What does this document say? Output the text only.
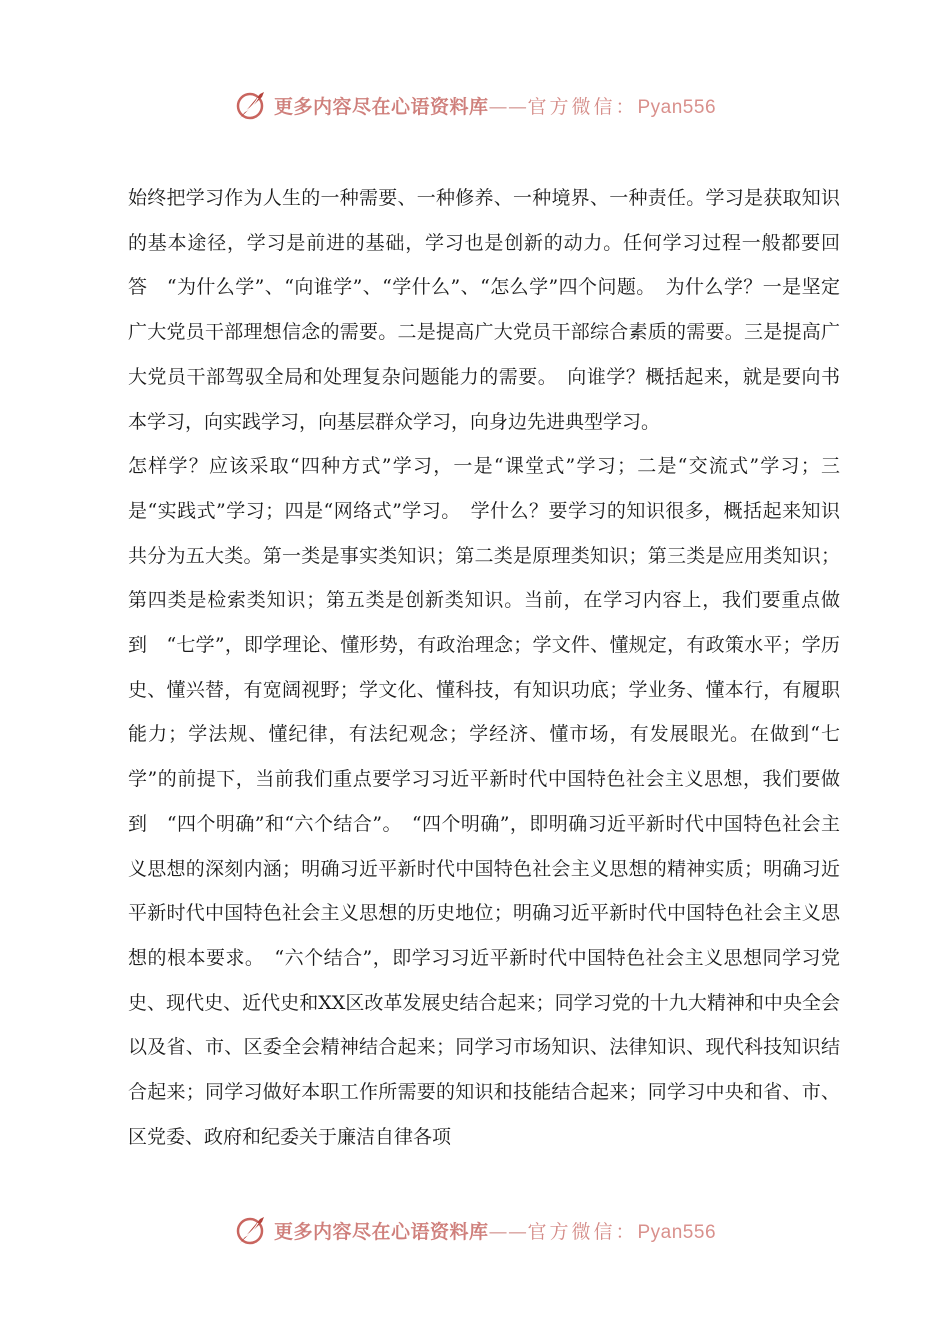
更多内容尽在心语资料库——官方微信：Pyan556

始终把学习作为人生的一种需要、一种修养、一种境界、一种责任。学习是获取知识的基本途径，学习是前进的基础，学习也是创新的动力。任何学习过程一般都要回答　“为什么学”、“向谁学”、“学什么”、“怎么学”四个问题。　为什么学？一是坚定广大党员干部理想信念的需要。二是提高广大党员干部综合素质的需要。三是提高广大党员干部驾驭全局和处理复杂问题能力的需要。　向谁学？概括起来，就是要向书本学习，向实践学习，向基层群众学习，向身边先进典型学习。

怎样学？应该采取“四种方式”学习，一是“课堂式”学习；二是“交流式”学习；三是“实践式”学习；四是“网络式”学习。　学什么？要学习的知识很多，概括起来知识共分为五大类。第一类是事实类知识；第二类是原理类知识；第三类是应用类知识；第四类是检索类知识；第五类是创新类知识。当前，在学习内容上，我们要重点做到　“七学”，即学理论、懂形势，有政治理念；学文件、懂规定，有政策水平；学历史、懂兴替，有宽阔视野；学文化、懂科技，有知识功底；学业务、懂本行，有履职能力；学法规、懂纪律，有法纪观念；学经济、懂市场，有发展眼光。在做到“七学”的前提下，当前我们重点要学习习近平新时代中国特色社会主义思想，我们要做到　“四个明确”和“六个结合”。　“四个明确”，即明确习近平新时代中国特色社会主义思想的深刻内涵；明确习近平新时代中国特色社会主义思想的精神实质；明确习近平新时代中国特色社会主义思想的历史地位；明确习近平新时代中国特色社会主义思想的根本要求。　“六个结合”，即学习习近平新时代中国特色社会主义思想同学习党史、现代史、近代史和XX区改革发展史结合起来；同学习党的十九大精神和中央全会以及省、市、区委全会精神结合起来；同学习市场知识、法律知识、现代科技知识结合起来；同学习做好本职工作所需要的知识和技能结合起来；同学习中央和省、市、区党委、政府和纪委关于廉洁自律各项

更多内容尽在心语资料库——官方微信：Pyan556
